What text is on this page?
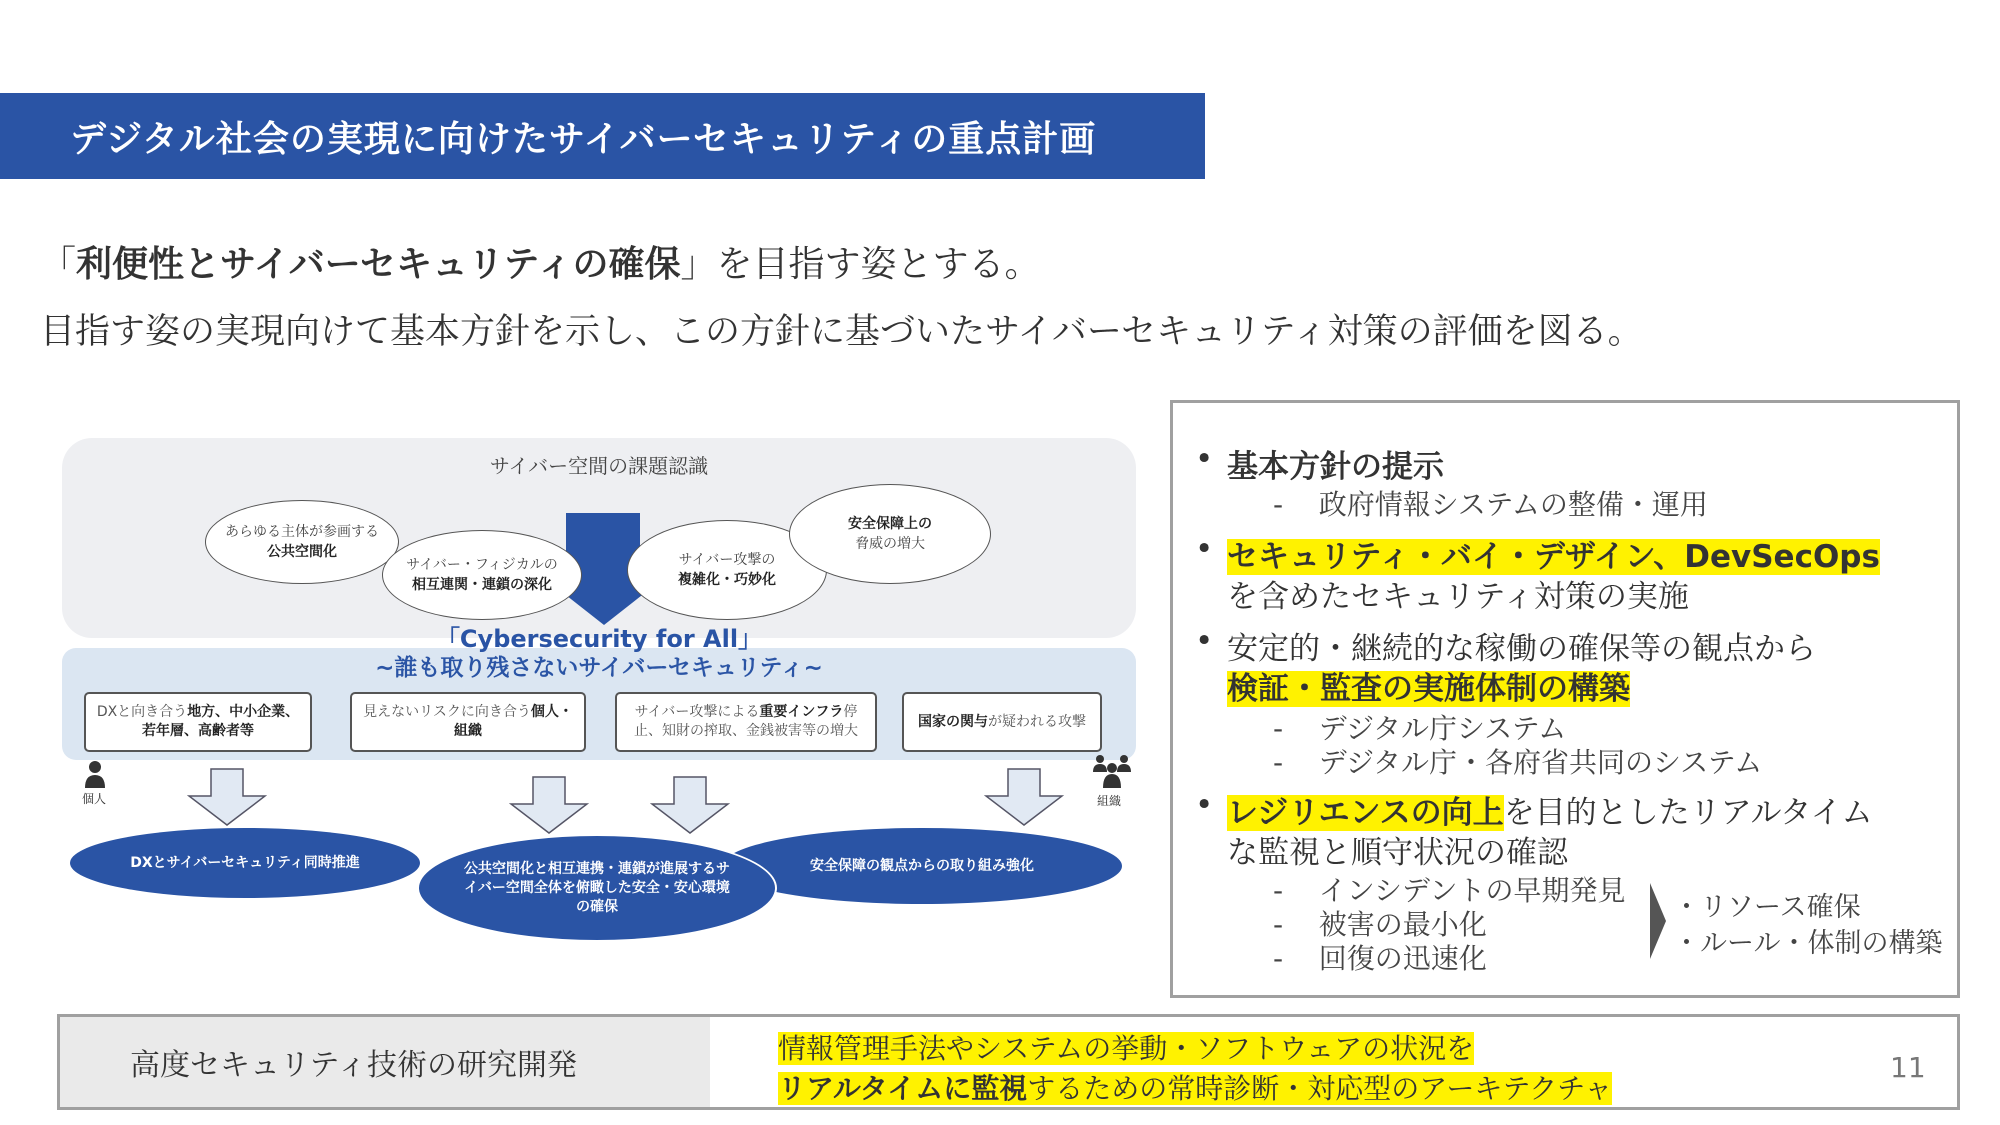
デジタル社会の実現に向けたサイバーセキュリティの重点計画
「利便性とサイバーセキュリティの確保」を目指す姿とする。
目指す姿の実現向けて基本方針を示し、この方針に基づいたサイバーセキュリティ対策の評価を図る。
サイバー空間の課題認識
あらゆる主体が参画する
公共空間化
サイバー・フィジカルの
相互連関・連鎖の深化
サイバー攻撃の
複雑化・巧妙化
安全保障上の
脅威の増大
「Cybersecurity for All」
~誰も取り残さないサイバーセキュリティ~
DXと向き合う地方、中小企業、若年層、高齢者等
見えないリスクに向き合う個人・組織
サイバー攻撃による重要インフラ停止、知財の搾取、金銭被害等の増大
国家の関与が疑われる攻撃
個人	組織
DXとサイバーセキュリティ同時推進	安全保障の観点からの取り組み強化
公共空間化と相互連携・連鎖が進展するサイバー空間全体を俯瞰した安全・安心環境の確保
• 基本方針の提示
- 政府情報システムの整備・運用
• セキュリティ・バイ・デザイン、DevSecOps
を含めたセキュリティ対策の実施
• 安定的・継続的な稼働の確保等の観点から
検証・監査の実施体制の構築
- デジタル庁システム
- デジタル庁・各府省共同のシステム
• レジリエンスの向上を目的としたリアルタイム
な監視と順守状況の確認
- インシデントの早期発見
- 被害の最小化
- 回復の迅速化
・リソース確保
・ルール・体制の構築
高度セキュリティ技術の研究開発	情報管理手法やシステムの挙動・ソフトウェアの状況を
リアルタイムに監視するための常時診断・対応型のアーキテクチャ
11
